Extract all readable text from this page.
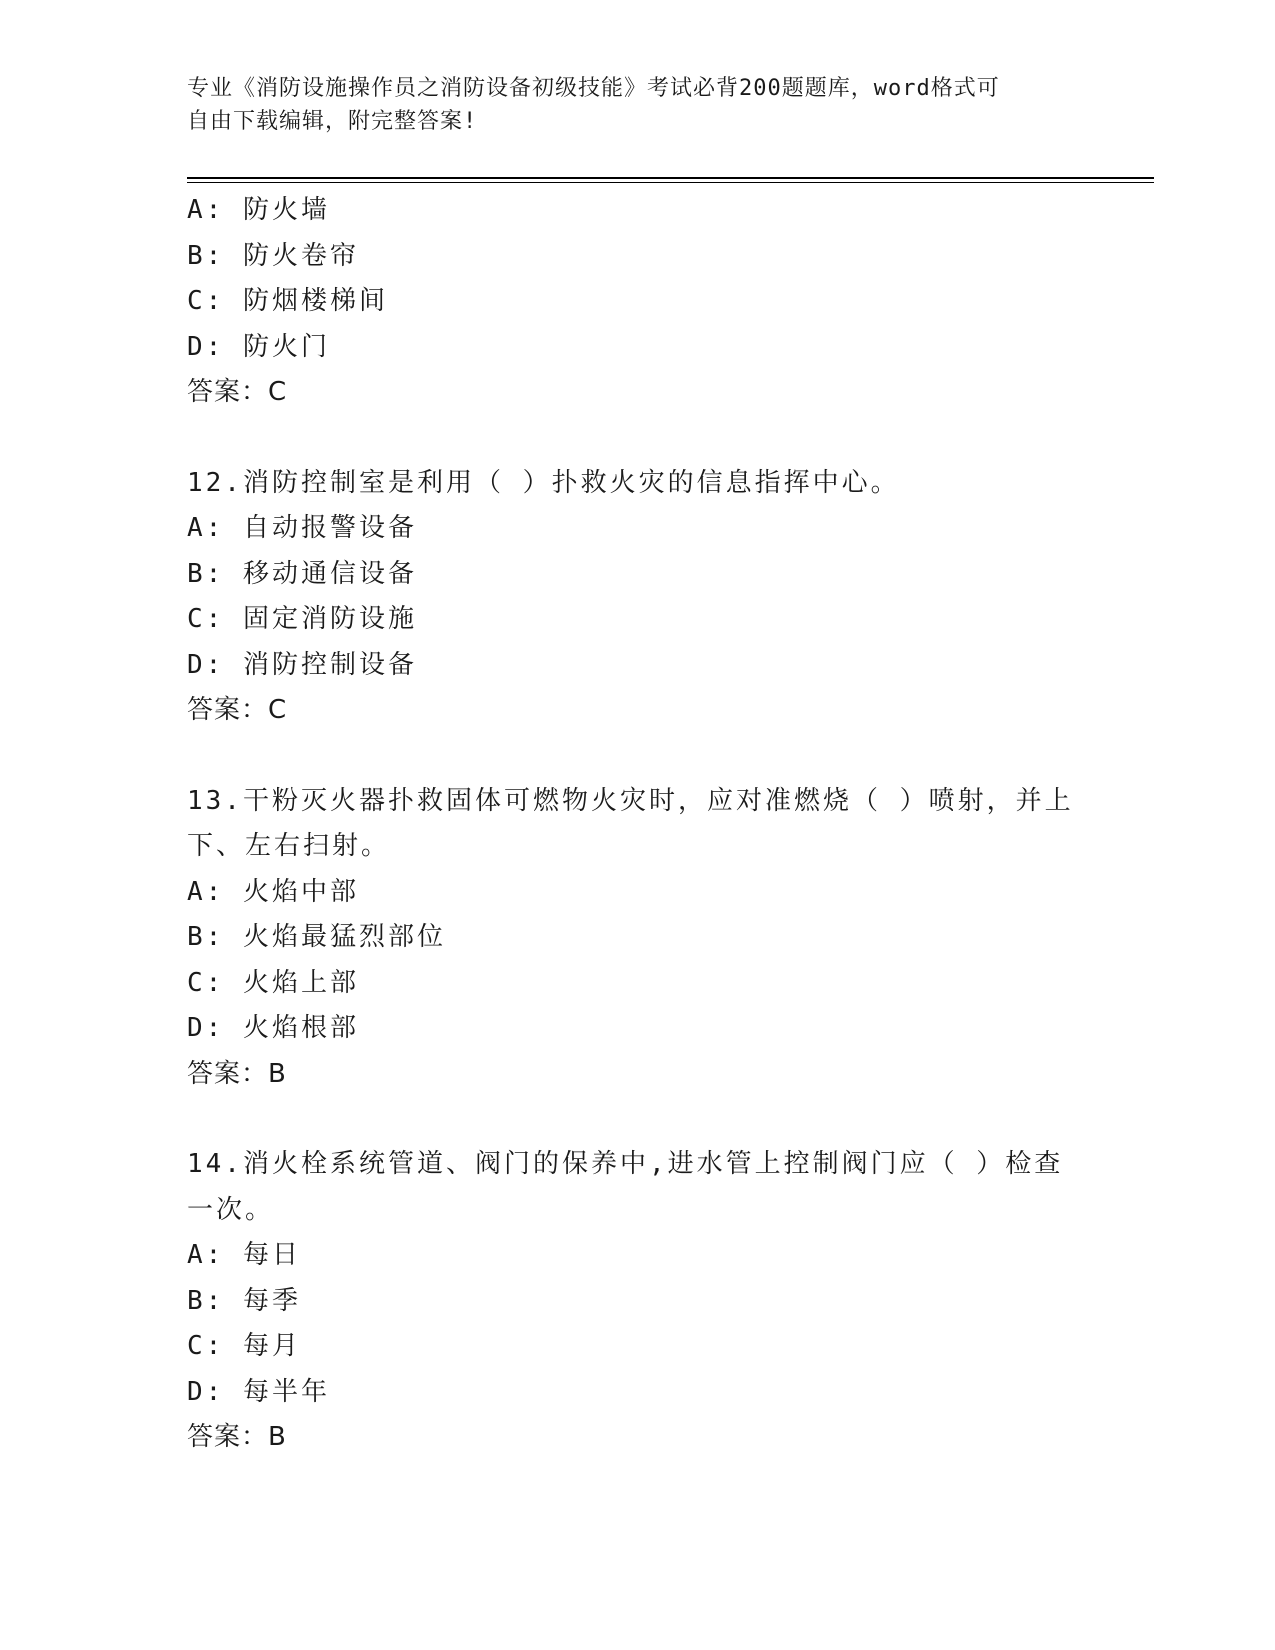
专业《消防设施操作员之消防设备初级技能》考试必背200题题库，word格式可
自由下载编辑，附完整答案!
A: 防火墙
B: 防火卷帘
C: 防烟楼梯间
D: 防火门
答案：C
12.消防控制室是利用（ ）扑救火灾的信息指挥中心。
A: 自动报警设备
B: 移动通信设备
C: 固定消防设施
D: 消防控制设备
答案：C
13.干粉灭火器扑救固体可燃物火灾时，应对准燃烧（ ）喷射，并上
下、左右扫射。
A: 火焰中部
B: 火焰最猛烈部位
C: 火焰上部
D: 火焰根部
答案：B
14.消火栓系统管道、阀门的保养中,进水管上控制阀门应（ ）检查
一次。
A: 每日
B: 每季
C: 每月
D: 每半年
答案：B
